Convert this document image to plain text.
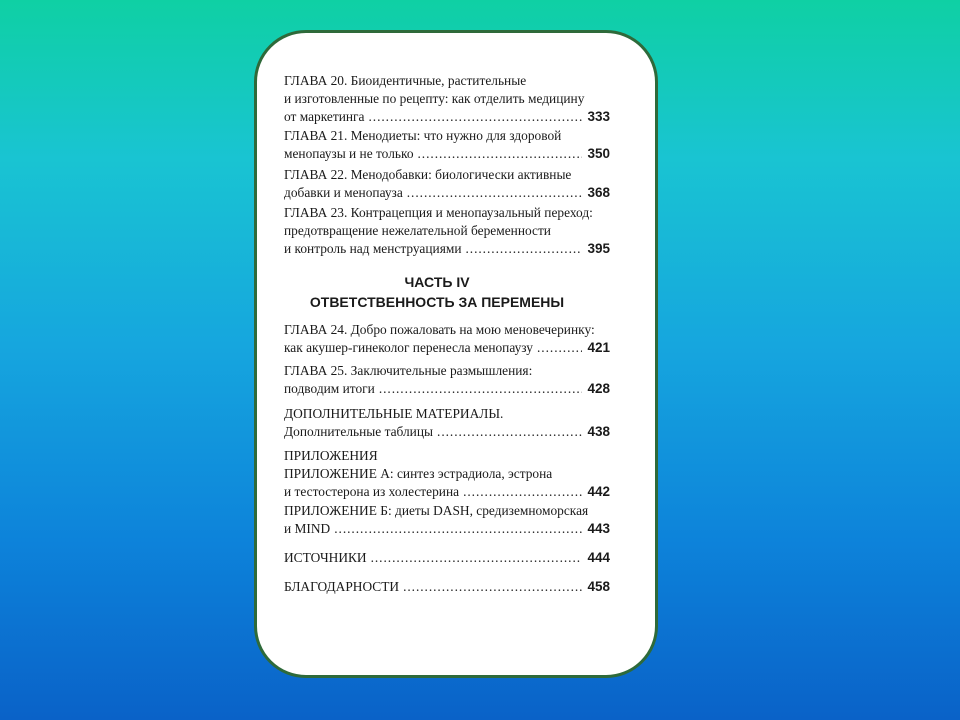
ГЛАВА 20. Биоидентичные, растительные
и изготовленные по рецепту: как отделить медицину
от маркетинга . . .	333
ГЛАВА 21. Менодиеты: что нужно для здоровой
менопаузы и не только . . .	350
ГЛАВА 22. Менодобавки: биологически активные
добавки и менопауза . . .	368
ГЛАВА 23. Контрацепция и менопаузальный переход:
предотвращение нежелательной беременности
и контроль над менструациями . . .	395
ЧАСТЬ IV
ОТВЕТСТВЕННОСТЬ ЗА ПЕРЕМЕНЫ
ГЛАВА 24. Добро пожаловать на мою меновечеринку:
как акушер-гинеколог перенесла менопаузу . . .	421
ГЛАВА 25. Заключительные размышления:
подводим итоги . . .	428
ДОПОЛНИТЕЛЬНЫЕ МАТЕРИАЛЫ.
Дополнительные таблицы . . .	438
ПРИЛОЖЕНИЯ
ПРИЛОЖЕНИЕ А: синтез эстрадиола, эстрона
и тестостерона из холестерина . . .	442
ПРИЛОЖЕНИЕ Б: диеты DASH, средиземноморская
и MIND . . .	443
ИСТОЧНИКИ . . .	444
БЛАГОДАРНОСТИ . . .	458
